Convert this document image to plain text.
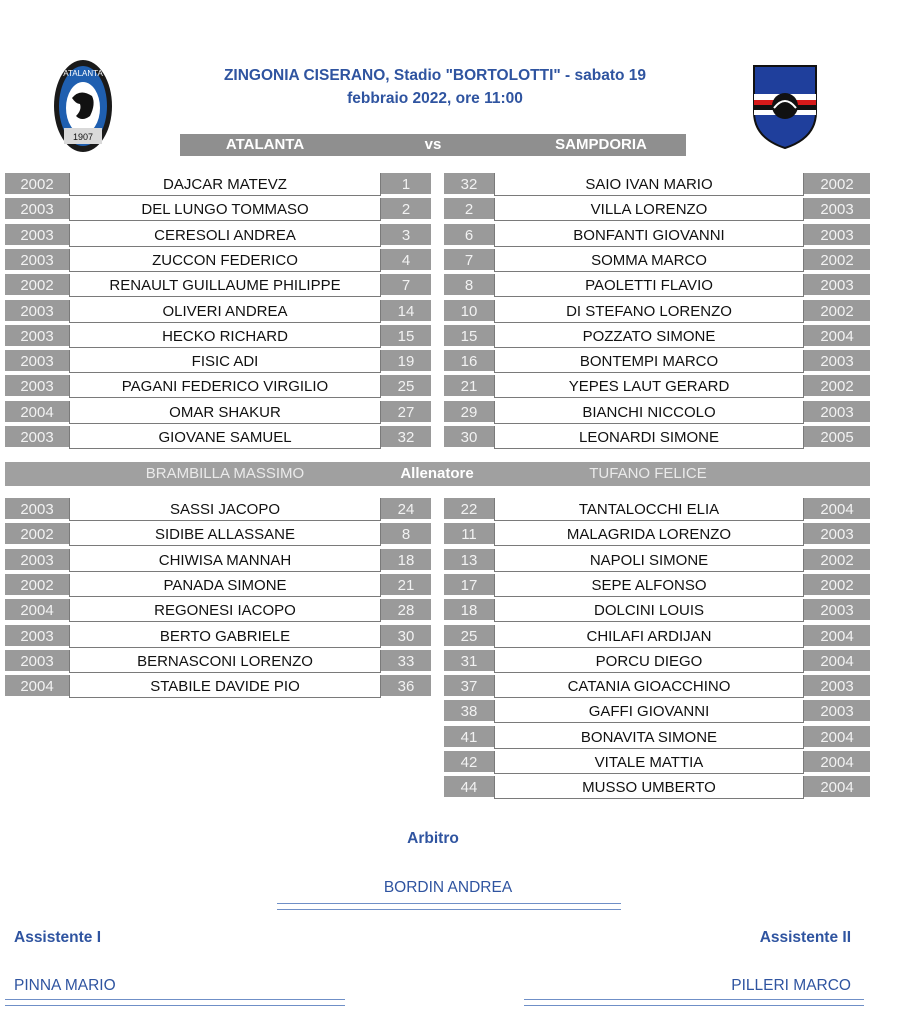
ZINGONIA CISERANO, Stadio "BORTOLOTTI" - sabato 19
febbraio 2022, ore 11:00
ATALANTA
1907	ATALANTA	vs	SAMPDORIA
2002	DAJCAR MATEVZ	1
2003	DEL LUNGO TOMMASO	2
2003	CERESOLI ANDREA	3
2003	ZUCCON FEDERICO	4
2002	RENAULT GUILLAUME PHILIPPE	7
2003	OLIVERI ANDREA	14
2003	HECKO RICHARD	15
2003	FISIC ADI	19
2003	PAGANI FEDERICO VIRGILIO	25
2004	OMAR SHAKUR	27
2003	GIOVANE SAMUEL	32
32	SAIO IVAN MARIO	2002
2	VILLA LORENZO	2003
6	BONFANTI GIOVANNI	2003
7	SOMMA MARCO	2002
8	PAOLETTI FLAVIO	2003
10	DI STEFANO LORENZO	2002
15	POZZATO SIMONE	2004
16	BONTEMPI MARCO	2003
21	YEPES LAUT GERARD	2002
29	BIANCHI NICCOLO	2003
30	LEONARDI SIMONE	2005
BRAMBILLA MASSIMO	Allenatore	TUFANO FELICE
2003	SASSI JACOPO	24
2002	SIDIBE ALLASSANE	8
2003	CHIWISA MANNAH	18
2002	PANADA SIMONE	21
2004	REGONESI IACOPO	28
2003	BERTO GABRIELE	30
2003	BERNASCONI LORENZO	33
2004	STABILE DAVIDE PIO	36
22	TANTALOCCHI ELIA	2004
11	MALAGRIDA LORENZO	2003
13	NAPOLI SIMONE	2002
17	SEPE ALFONSO	2002
18	DOLCINI LOUIS	2003
25	CHILAFI ARDIJAN	2004
31	PORCU DIEGO	2004
37	CATANIA GIOACCHINO	2003
38	GAFFI GIOVANNI	2003
41	BONAVITA SIMONE	2004
42	VITALE MATTIA	2004
44	MUSSO UMBERTO	2004
Arbitro
BORDIN ANDREA
Assistente I	Assistente II
PINNA MARIO	PILLERI MARCO
